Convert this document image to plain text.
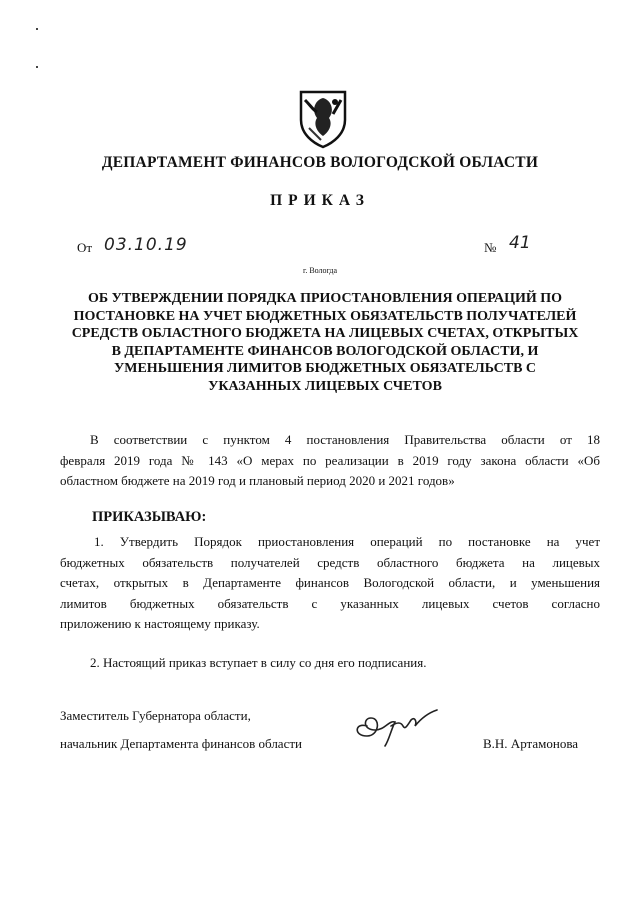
ДЕПАРТАМЕНТ ФИНАНСОВ ВОЛОГОДСКОЙ ОБЛАСТИ
ПРИКАЗ
От 03.10.19	№ 41
г. Вологда
ОБ УТВЕРЖДЕНИИ ПОРЯДКА ПРИОСТАНОВЛЕНИЯ ОПЕРАЦИЙ ПО
ПОСТАНОВКЕ НА УЧЕТ БЮДЖЕТНЫХ ОБЯЗАТЕЛЬСТВ ПОЛУЧАТЕЛЕЙ
СРЕДСТВ ОБЛАСТНОГО БЮДЖЕТА НА ЛИЦЕВЫХ СЧЕТАХ, ОТКРЫТЫХ
В ДЕПАРТАМЕНТЕ ФИНАНСОВ ВОЛОГОДСКОЙ ОБЛАСТИ, И
УМЕНЬШЕНИЯ ЛИМИТОВ БЮДЖЕТНЫХ ОБЯЗАТЕЛЬСТВ С
УКАЗАННЫХ ЛИЦЕВЫХ СЧЕТОВ
В соответствии с пунктом 4 постановления Правительства области от 18
февраля 2019 года № 143 «О мерах по реализации в 2019 году закона области «Об
областном бюджете на 2019 год и плановый период 2020 и 2021 годов»
ПРИКАЗЫВАЮ:
1. Утвердить Порядок приостановления операций по постановке на учет
бюджетных обязательств получателей средств областного бюджета на лицевых
счетах, открытых в Департаменте финансов Вологодской области, и уменьшения
лимитов бюджетных обязательств с указанных лицевых счетов согласно
приложению к настоящему приказу.
2. Настоящий приказ вступает в силу со дня его подписания.
Заместитель Губернатора области,
начальник Департамента финансов области	В.Н. Артамонова
